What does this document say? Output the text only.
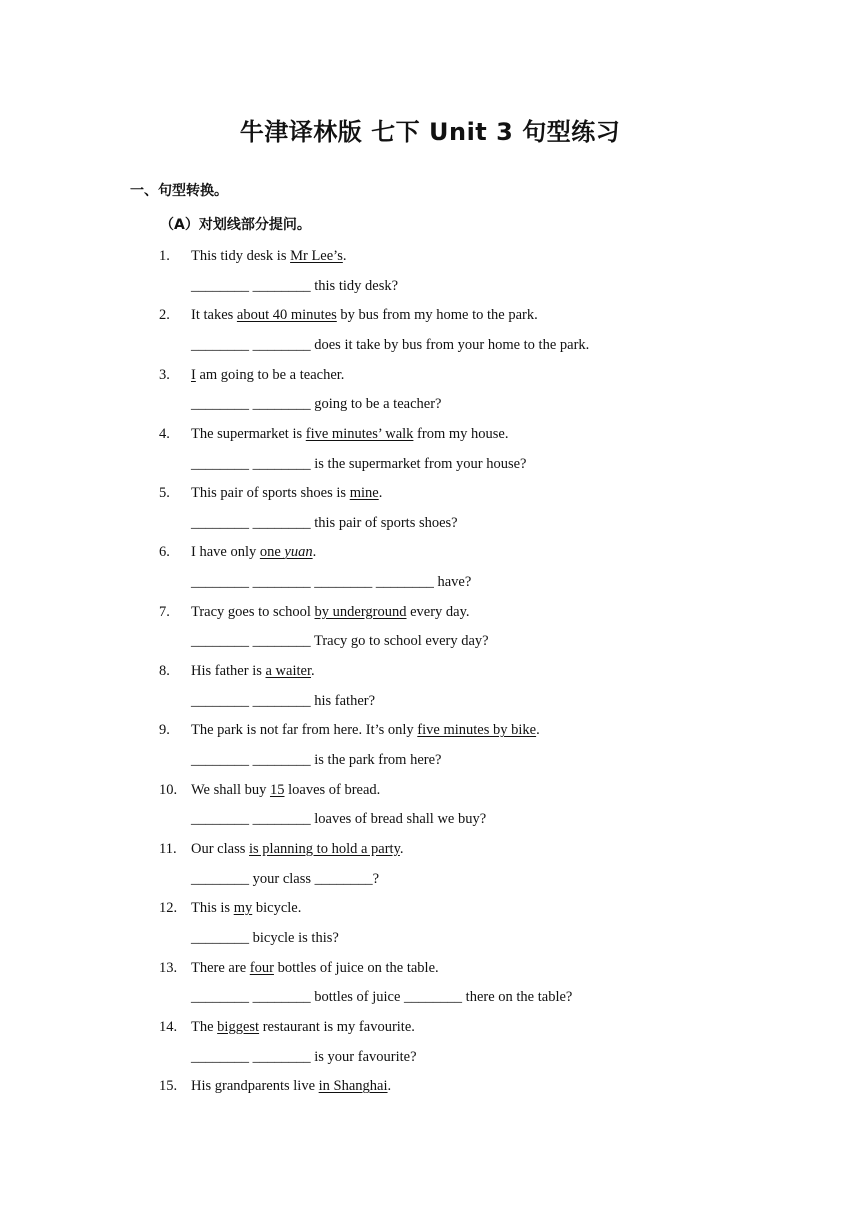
牛津译林版 七下 Unit 3 句型练习
一、句型转换。
（A）对划线部分提问。
1. This tidy desk is Mr Lee’s.
________ ________ this tidy desk?
2. It takes about 40 minutes by bus from my home to the park.
________ ________ does it take by bus from your home to the park.
3. I am going to be a teacher.
________ ________ going to be a teacher?
4. The supermarket is five minutes’ walk from my house.
________ ________ is the supermarket from your house?
5. This pair of sports shoes is mine.
________ ________ this pair of sports shoes?
6. I have only one yuan.
________ ________ ________ ________ have?
7. Tracy goes to school by underground every day.
________ ________ Tracy go to school every day?
8. His father is a waiter.
________ ________ his father?
9. The park is not far from here. It’s only five minutes by bike.
________ ________ is the park from here?
10. We shall buy 15 loaves of bread.
________ ________ loaves of bread shall we buy?
11. Our class is planning to hold a party.
________ your class ________?
12. This is my bicycle.
________ bicycle is this?
13. There are four bottles of juice on the table.
________ ________ bottles of juice ________ there on the table?
14. The biggest restaurant is my favourite.
________ ________ is your favourite?
15. His grandparents live in Shanghai.
